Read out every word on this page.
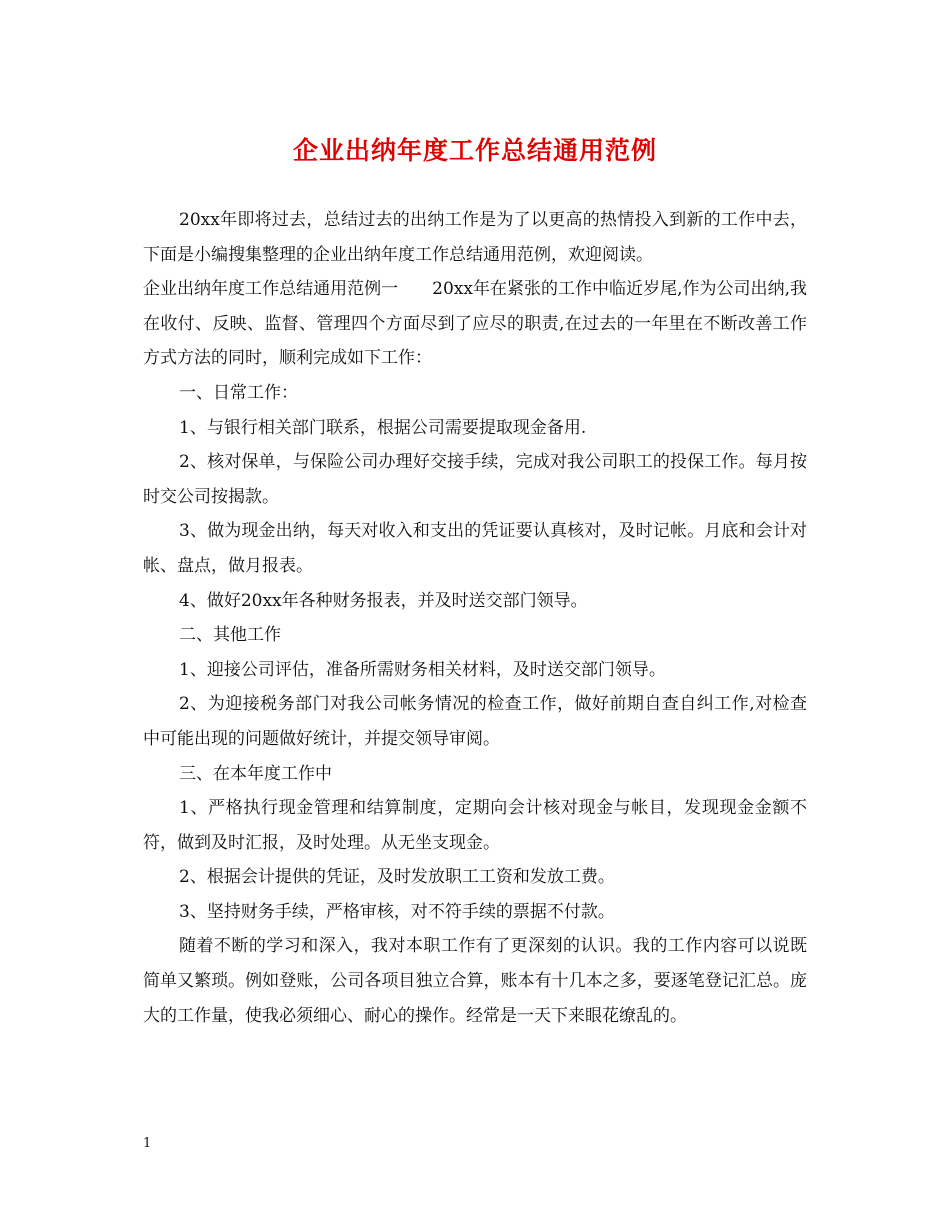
企业出纳年度工作总结通用范例

20xx年即将过去，总结过去的出纳工作是为了以更高的热情投入到新的工作中去，下面是小编搜集整理的企业出纳年度工作总结通用范例，欢迎阅读。

企业出纳年度工作总结通用范例一　　20xx年在紧张的工作中临近岁尾,作为公司出纳,我在收付、反映、监督、管理四个方面尽到了应尽的职责,在过去的一年里在不断改善工作方式方法的同时，顺利完成如下工作：

一、日常工作：

1、与银行相关部门联系，根据公司需要提取现金备用.

2、核对保单，与保险公司办理好交接手续，完成对我公司职工的投保工作。每月按时交公司按揭款。

3、做为现金出纳，每天对收入和支出的凭证要认真核对，及时记帐。月底和会计对帐、盘点，做月报表。

4、做好20xx年各种财务报表，并及时送交部门领导。

二、其他工作

1、迎接公司评估，准备所需财务相关材料，及时送交部门领导。

2、为迎接税务部门对我公司帐务情况的检查工作，做好前期自查自纠工作,对检查中可能出现的问题做好统计，并提交领导审阅。

三、在本年度工作中

1、严格执行现金管理和结算制度，定期向会计核对现金与帐目，发现现金金额不符，做到及时汇报，及时处理。从无坐支现金。

2、根据会计提供的凭证，及时发放职工工资和发放工费。

3、坚持财务手续，严格审核，对不符手续的票据不付款。

随着不断的学习和深入，我对本职工作有了更深刻的认识。我的工作内容可以说既简单又繁琐。例如登账，公司各项目独立合算，账本有十几本之多，要逐笔登记汇总。庞大的工作量，使我必须细心、耐心的操作。经常是一天下来眼花缭乱的。

1
